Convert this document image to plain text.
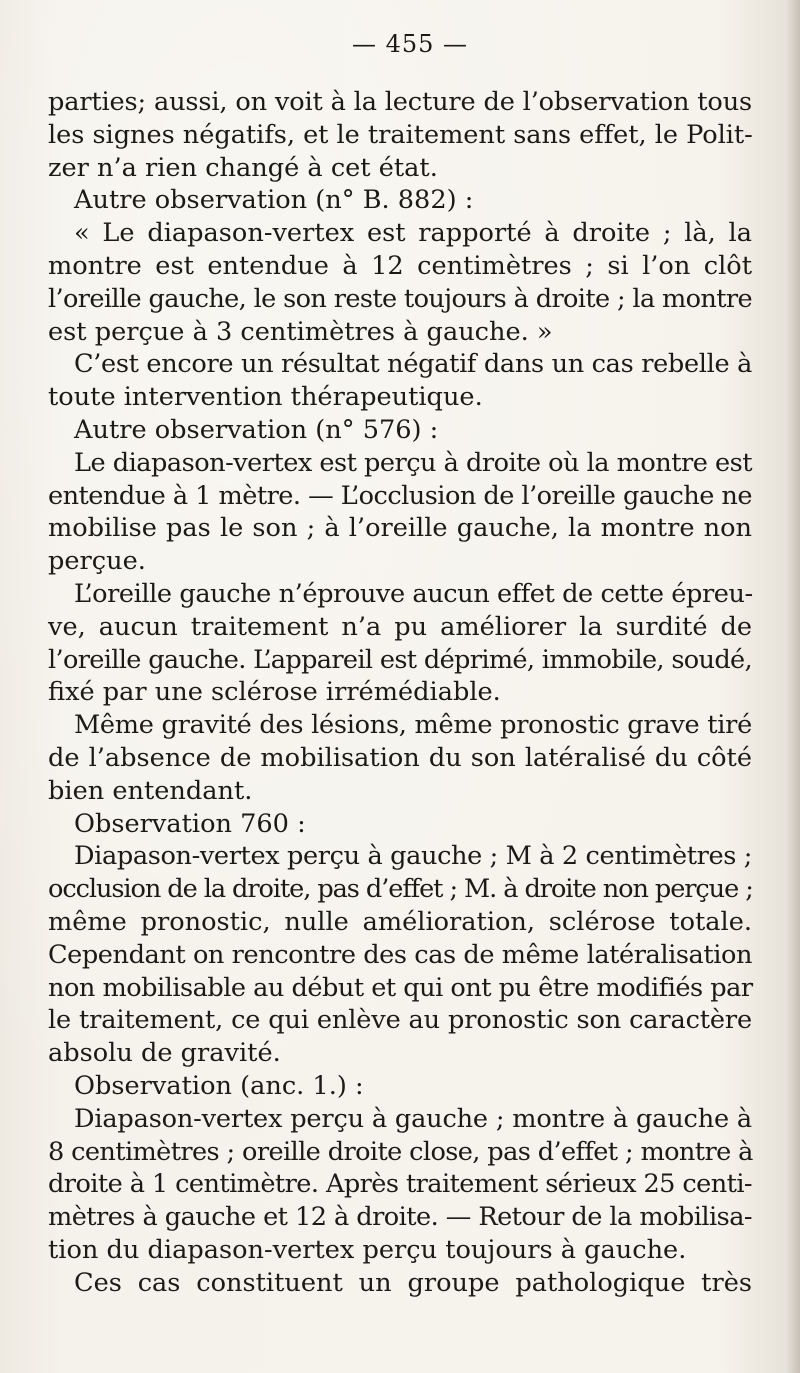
— 455 —
parties; aussi, on voit à la lecture de l’observation tous
les signes négatifs, et le traitement sans effet, le Polit-
zer n’a rien changé à cet état.
Autre observation (n° B. 882) :
« Le diapason-vertex est rapporté à droite ; là, la
montre est entendue à 12 centimètres ; si l’on clôt
l’oreille gauche, le son reste toujours à droite ; la montre
est perçue à 3 centimètres à gauche. »
C’est encore un résultat négatif dans un cas rebelle à
toute intervention thérapeutique.
Autre observation (n° 576) :
Le diapason-vertex est perçu à droite où la montre est
entendue à 1 mètre. — L’occlusion de l’oreille gauche ne
mobilise pas le son ; à l’oreille gauche, la montre non
perçue.
L’oreille gauche n’éprouve aucun effet de cette épreu-
ve, aucun traitement n’a pu améliorer la surdité de
l’oreille gauche. L’appareil est déprimé, immobile, soudé,
fixé par une sclérose irrémédiable.
Même gravité des lésions, même pronostic grave tiré
de l’absence de mobilisation du son latéralisé du côté
bien entendant.
Observation 760 :
Diapason-vertex perçu à gauche ; M à 2 centimètres ;
occlusion de la droite, pas d’effet ; M. à droite non perçue ;
même pronostic, nulle amélioration, sclérose totale.
Cependant on rencontre des cas de même latéralisation
non mobilisable au début et qui ont pu être modifiés par
le traitement, ce qui enlève au pronostic son caractère
absolu de gravité.
Observation (anc. 1.) :
Diapason-vertex perçu à gauche ; montre à gauche à
8 centimètres ; oreille droite close, pas d’effet ; montre à
droite à 1 centimètre. Après traitement sérieux 25 centi-
mètres à gauche et 12 à droite. — Retour de la mobilisa-
tion du diapason-vertex perçu toujours à gauche.
Ces cas constituent un groupe pathologique très
